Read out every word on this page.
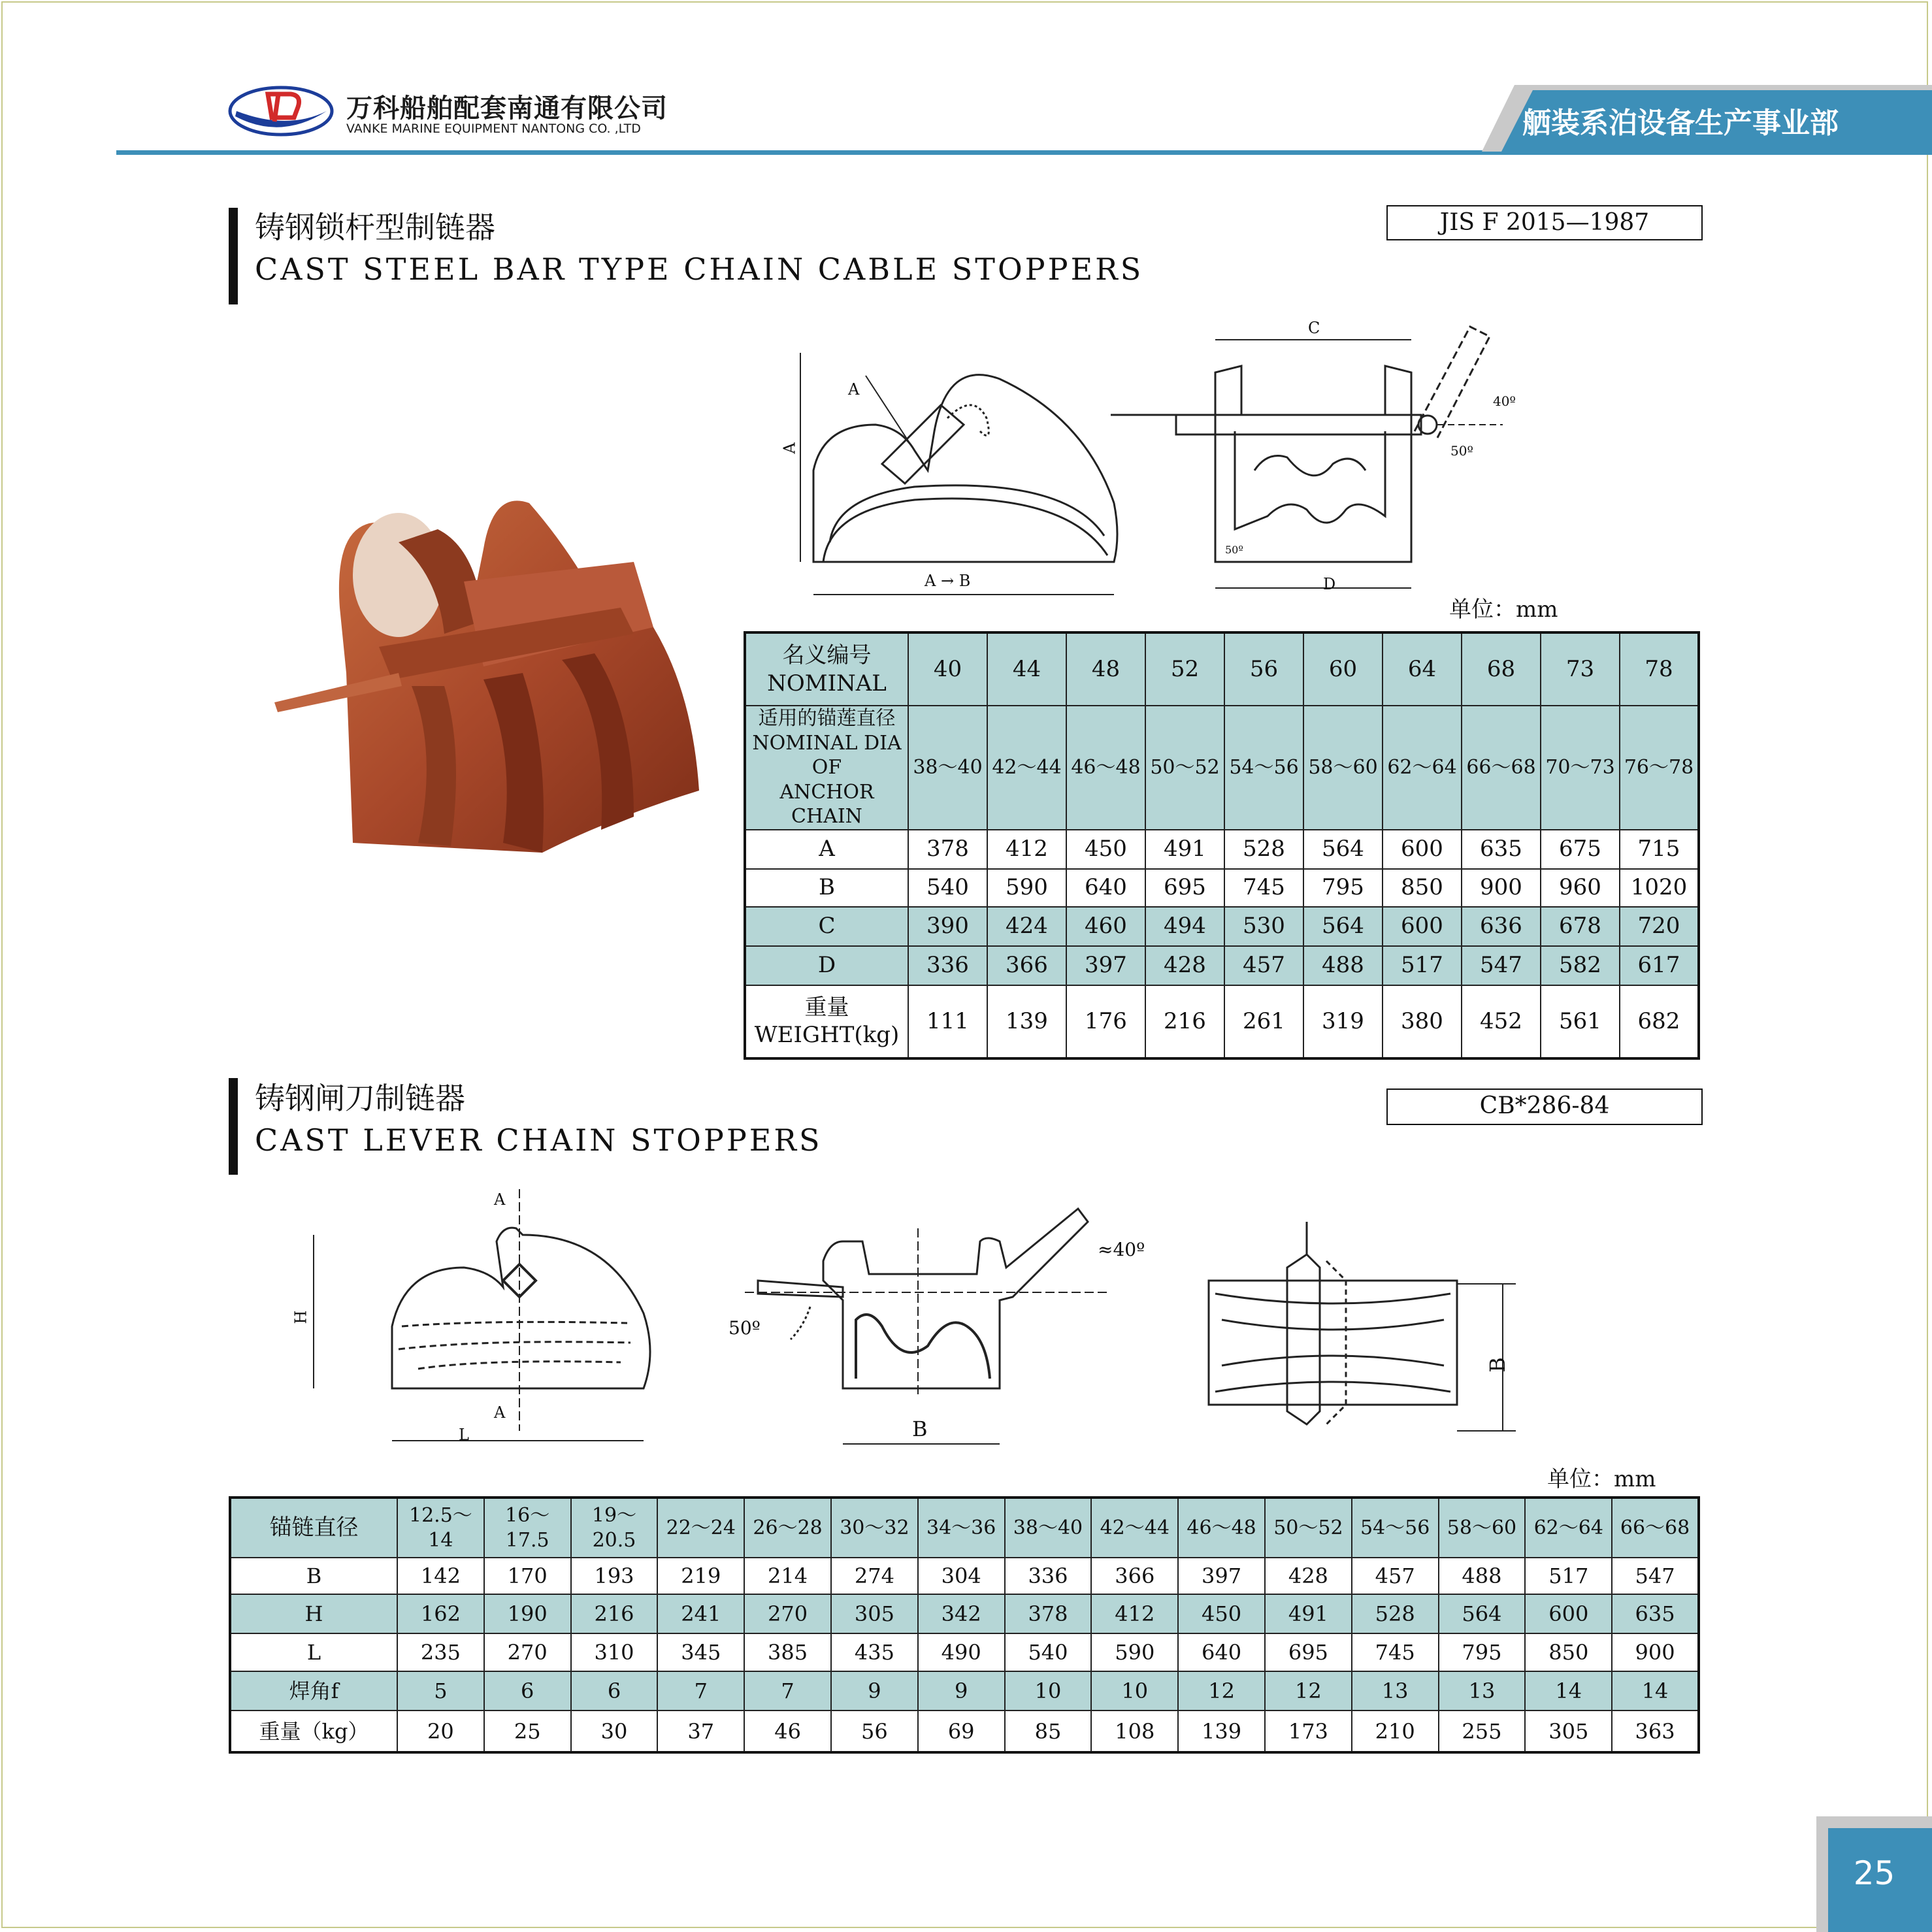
万科船舶配套南通有限公司
VANKE MARINE EQUIPMENT NANTONG CO. ,LTD	舾装系泊设备生产事业部
铸钢锁杆型制链器
CAST STEEL BAR TYPE CHAIN CABLE STOPPERS
JIS F 2015—1987
A
A
A → B
C
D
40º
50º
50º
单位：mm
名义编号
NOMINAL	40	44	48	52	56	60	64	68	73	78
适用的锚莲直径
NOMINAL DIA OF
ANCHOR CHAIN	38～40	42～44	46～48	50～52	54～56	58～60	62～64	66～68	70～73	76～78
A	378	412	450	491	528	564	600	635	675	715
B	540	590	640	695	745	795	850	900	960	1020
C	390	424	460	494	530	564	600	636	678	720
D	336	366	397	428	457	488	517	547	582	617
重量
WEIGHT(kg)	111	139	176	216	261	319	380	452	561	682
铸钢闸刀制链器
CAST LEVER CHAIN STOPPERS
CB*286-84
A
H
A
L
≈40º
50º
B
B
单位：mm
锚链直径	12.5～14	16～17.5	19～20.5	22～24	26～28	30～32	34～36	38～40	42～44	46～48	50～52	54～56	58～60	62～64	66～68
B	142	170	193	219	214	274	304	336	366	397	428	457	488	517	547
H	162	190	216	241	270	305	342	378	412	450	491	528	564	600	635
L	235	270	310	345	385	435	490	540	590	640	695	745	795	850	900
焊角f	5	6	6	7	7	9	9	10	10	12	12	13	13	14	14
重量（kg）	20	25	30	37	46	56	69	85	108	139	173	210	255	305	363
25
